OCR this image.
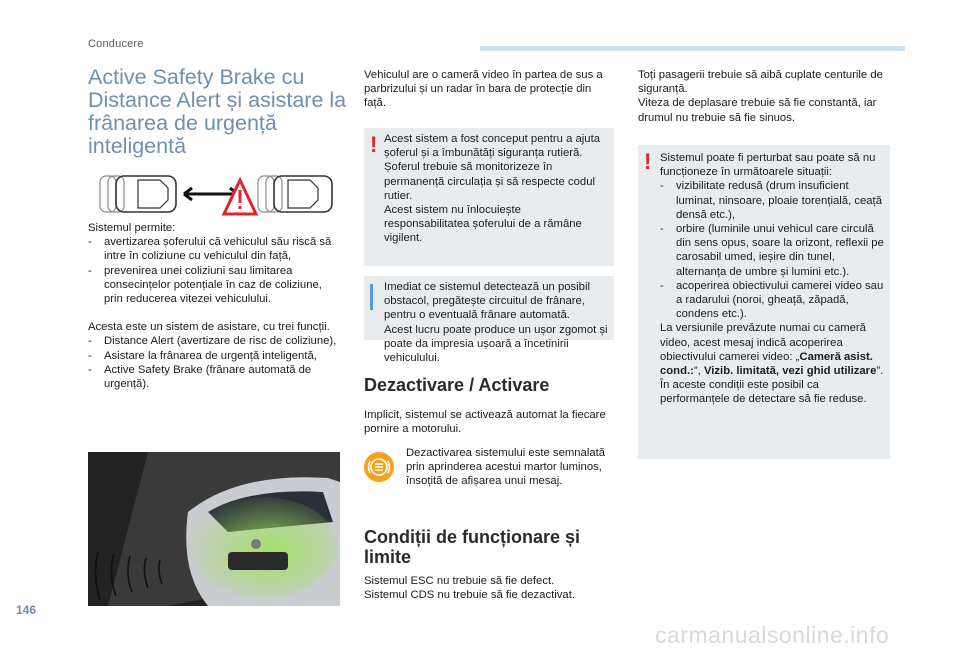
Conducere
Active Safety Brake cu Distance Alert și asistare la frânarea de urgență inteligentă

Sistemul permite:

- avertizarea șoferului că vehiculul său riscă să intre în coliziune cu vehiculul din față,
- prevenirea unei coliziuni sau limitarea consecințelor potențiale în caz de coliziune, prin reducerea vitezei vehiculului.

Acesta este un sistem de asistare, cu trei funcții.

- Distance Alert (avertizare de risc de coliziune),
- Asistare la frânarea de urgență inteligentă,
- Active Safety Brake (frânare automată de urgență).

Vehiculul are o cameră video în partea de sus a parbrizului și un radar în bara de protecție din față.

! Acest sistem a fost conceput pentru a ajuta șoferul și a îmbunătăți siguranța rutieră.
Șoferul trebuie să monitorizeze în permanență circulația și să respecte codul rutier.
Acest sistem nu înlocuiește responsabilitatea șoferului de a rămâne vigilent.

Imediat ce sistemul detectează un posibil obstacol, pregătește circuitul de frânare, pentru o eventuală frânare automată.
Acest lucru poate produce un ușor zgomot și poate da impresia ușoară a încetinirii vehiculului.

Dezactivare / Activare
Implicit, sistemul se activează automat la fiecare pornire a motorului.
Dezactivarea sistemului este semnalată prin aprinderea acestui martor luminos, însoțită de afișarea unui mesaj.
Condiții de funcționare și limite
Sistemul ESC nu trebuie să fie defect.
Sistemul CDS nu trebuie să fie dezactivat.
Toți pasagerii trebuie să aibă cuplate centurile de siguranță.
Viteza de deplasare trebuie să fie constantă, iar drumul nu trebuie să fie sinuos.
! Sistemul poate fi perturbat sau poate să nu funcționeze în următoarele situații:

- vizibilitate redusă (drum insuficient luminat, ninsoare, ploaie torențială, ceață densă etc.),
- orbire (luminile unui vehicul care circulă din sens opus, soare la orizont, reflexii pe carosabil umed, ieșire din tunel, alternanța de umbre și lumini etc.).
- acoperirea obiectivului camerei video sau a radarului (noroi, gheață, zăpadă, condens etc.).

La versiunile prevăzute numai cu cameră video, acest mesaj indică acoperirea obiectivului camerei video: „Cameră asist. cond.:”, Vizib. limitată, vezi ghid utilizare”.

În aceste condiții este posibil ca performanțele de detectare să fie reduse.

146
carmanualsonline.info
